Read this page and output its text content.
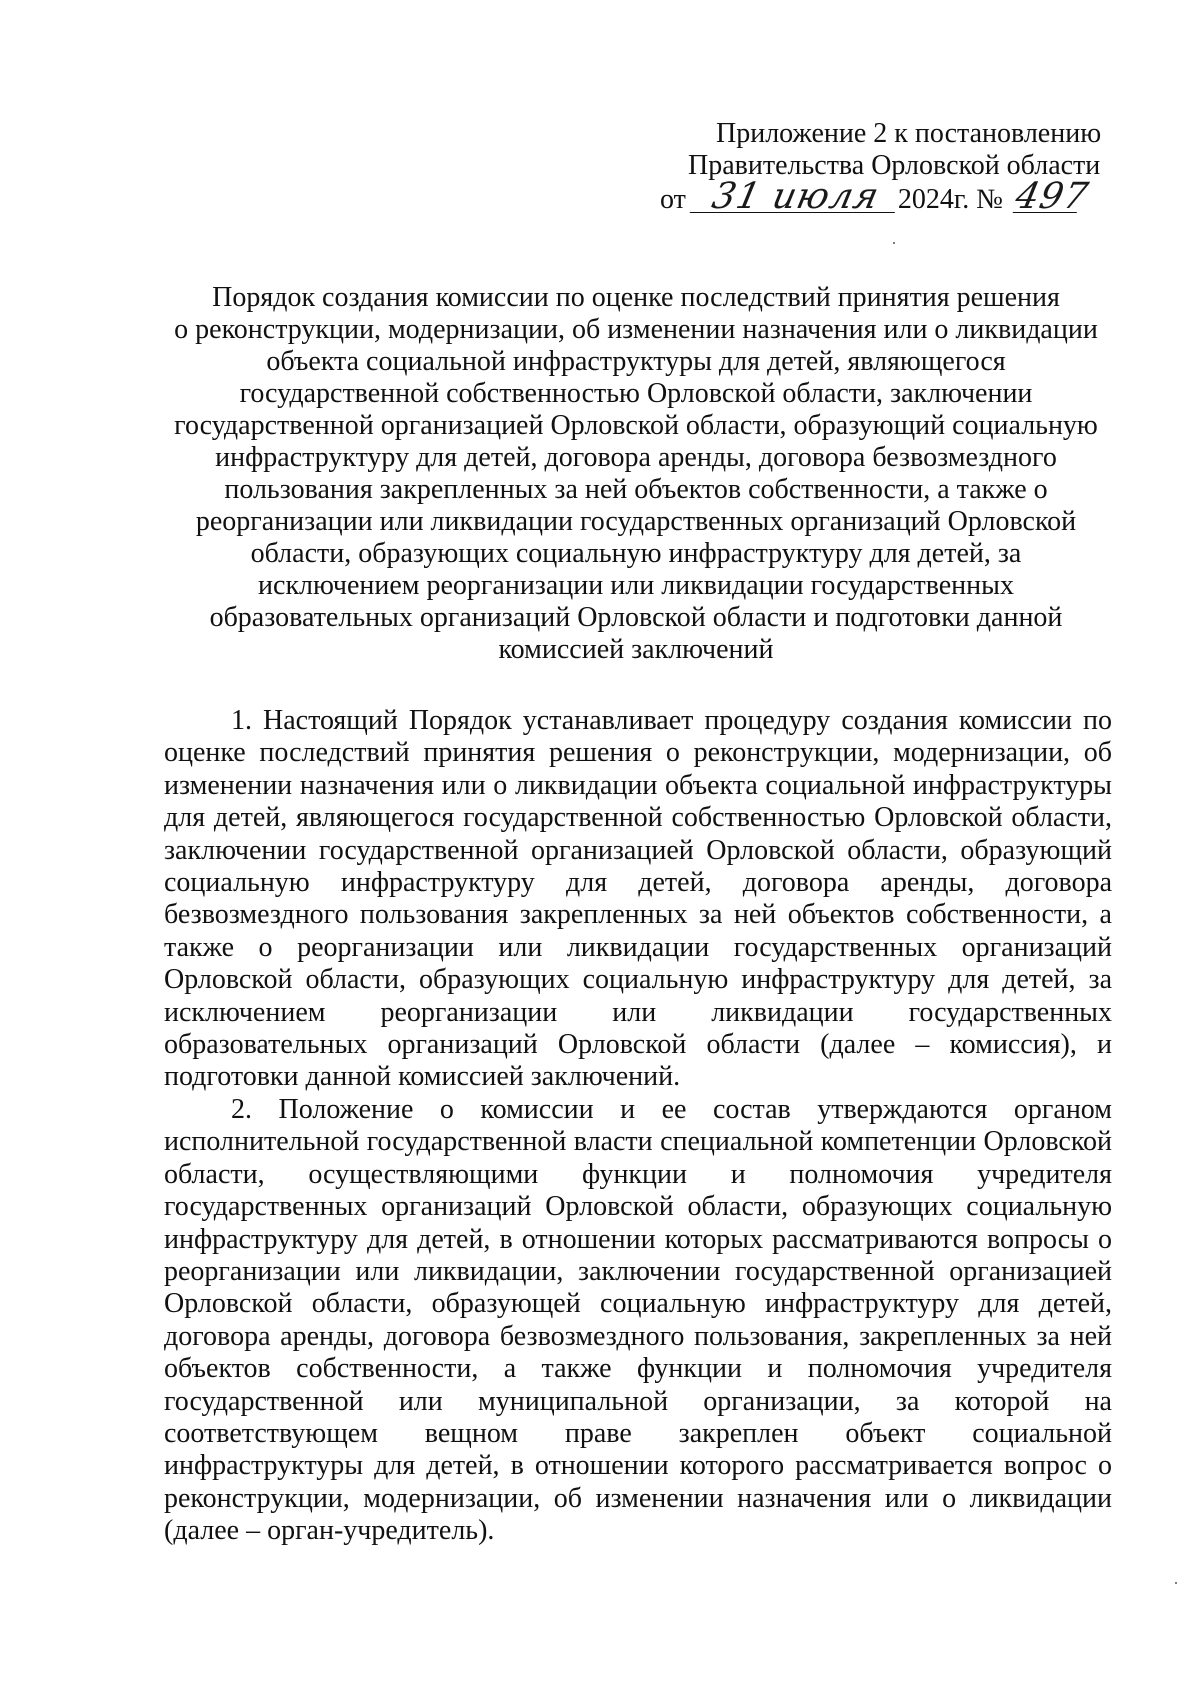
Приложение 2 к постановлению
Правительства Орловской области
от 31 июля 2024г. № 497
Порядок создания комиссии по оценке последствий принятия решения
о реконструкции, модернизации, об изменении назначения или о ликвидации
объекта социальной инфраструктуры для детей, являющегося
государственной собственностью Орловской области, заключении
государственной организацией Орловской области, образующий социальную
инфраструктуру для детей, договора аренды, договора безвозмездного
пользования закрепленных за ней объектов собственности, а также о
реорганизации или ликвидации государственных организаций Орловской
области, образующих социальную инфраструктуру для детей, за
исключением реорганизации или ликвидации государственных
образовательных организаций Орловской области и подготовки данной
комиссией заключений

1. Настоящий Порядок устанавливает процедуру создания комиссии по оценке последствий принятия решения о реконструкции, модернизации, об изменении назначения или о ликвидации объекта социальной инфраструктуры для детей, являющегося государственной собственностью Орловской области, заключении государственной организацией Орловской области, образующий социальную инфраструктуру для детей, договора аренды, договора безвозмездного пользования закрепленных за ней объектов собственности, а также о реорганизации или ликвидации государственных организаций Орловской области, образующих социальную инфраструктуру для детей, за исключением реорганизации или ликвидации государственных образовательных организаций Орловской области (далее – комиссия), и подготовки данной комиссией заключений.

2. Положение о комиссии и ее состав утверждаются органом исполнительной государственной власти специальной компетенции Орловской области, осуществляющими функции и полномочия учредителя государственных организаций Орловской области, образующих социальную инфраструктуру для детей, в отношении которых рассматриваются вопросы о реорганизации или ликвидации, заключении государственной организацией Орловской области, образующей социальную инфраструктуру для детей, договора аренды, договора безвозмездного пользования, закрепленных за ней объектов собственности, а также функции и полномочия учредителя государственной или муниципальной организации, за которой на соответствующем вещном праве закреплен объект социальной инфраструктуры для детей, в отношении которого рассматривается вопрос о реконструкции, модернизации, об изменении назначения или о ликвидации (далее – орган-учредитель).
